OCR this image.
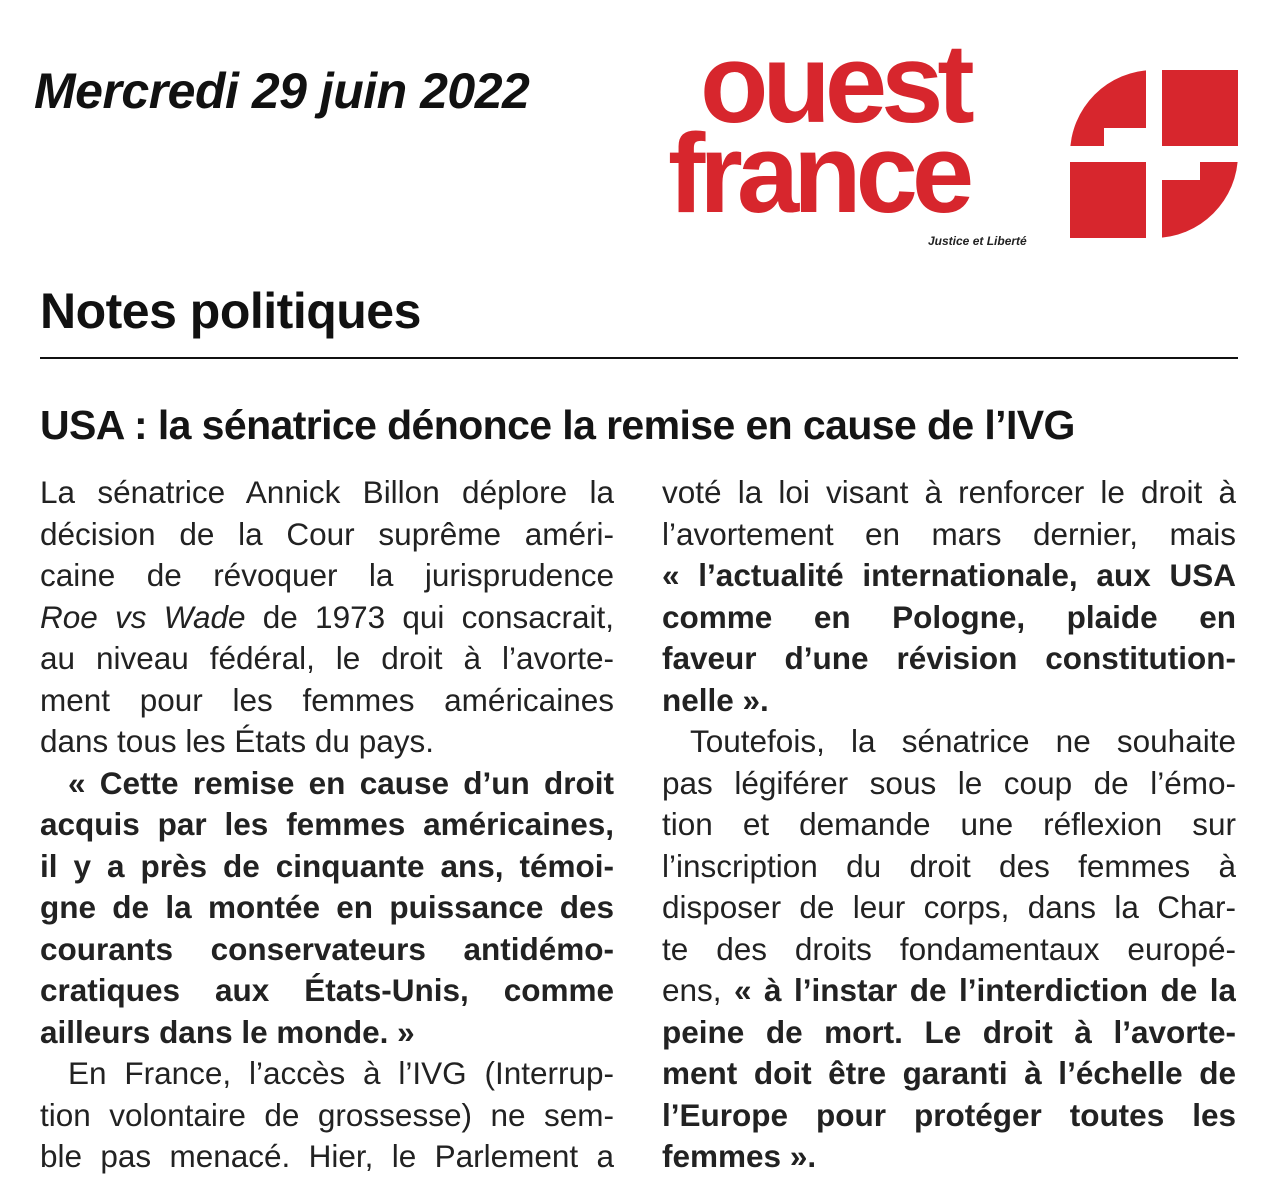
Mercredi 29 juin 2022 ouest
france
Justice et Liberté
Notes politiques
USA : la sénatrice dénonce la remise en cause de l’IVG
La sénatrice Annick Billon déplore la
décision de la Cour suprême améri-
caine de révoquer la jurisprudence
Roe vs Wade de 1973 qui consacrait,
au niveau fédéral, le droit à l’avorte-
ment pour les femmes américaines
dans tous les États du pays.
« Cette remise en cause d’un droit
acquis par les femmes américaines,
il y a près de cinquante ans, témoi-
gne de la montée en puissance des
courants conservateurs antidémo-
cratiques aux États-Unis, comme
ailleurs dans le monde. »
En France, l’accès à l’IVG (Interrup-
tion volontaire de grossesse) ne sem-
ble pas menacé. Hier, le Parlement a
voté la loi visant à renforcer le droit à
l’avortement en mars dernier, mais
« l’actualité internationale, aux USA
comme en Pologne, plaide en
faveur d’une révision constitution-
nelle ».
Toutefois, la sénatrice ne souhaite
pas légiférer sous le coup de l’émo-
tion et demande une réflexion sur
l’inscription du droit des femmes à
disposer de leur corps, dans la Char-
te des droits fondamentaux europé-
ens, « à l’instar de l’interdiction de la
peine de mort. Le droit à l’avorte-
ment doit être garanti à l’échelle de
l’Europe pour protéger toutes les
femmes ».
